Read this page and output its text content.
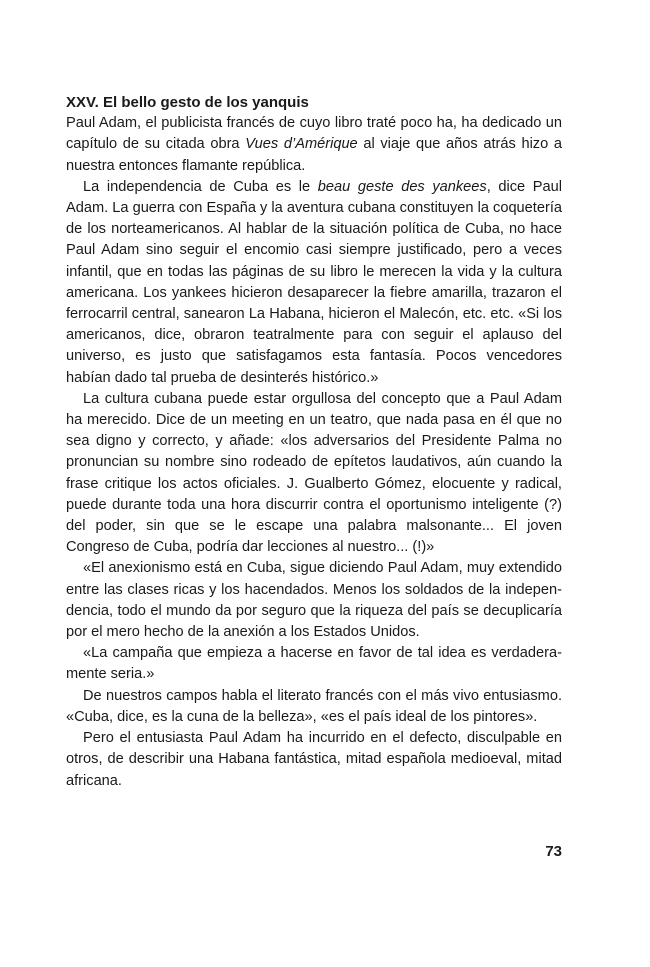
XXV. El bello gesto de los yanquis

Paul Adam, el publicista francés de cuyo libro traté poco ha, ha dedicado un capítulo de su citada obra Vues d’Amérique al viaje que años atrás hizo a nuestra entonces flamante república.

La independencia de Cuba es le beau geste des yankees, dice Paul Adam. La guerra con España y la aventura cubana constituyen la coquetería de los norteamericanos. Al hablar de la situación política de Cuba, no hace Paul Adam sino seguir el encomio casi siempre justificado, pero a veces infantil, que en todas las páginas de su libro le merecen la vida y la cultura americana. Los yankees hicieron desaparecer la fiebre amarilla, trazaron el ferrocarril central, sanearon La Habana, hicieron el Malecón, etc. etc. «Si los americanos, dice, obraron teatralmente para con seguir el aplauso del universo, es justo que satisfagamos esta fantasía. Pocos vencedores habían dado tal prueba de desinterés histórico.»

La cultura cubana puede estar orgullosa del concepto que a Paul Adam ha merecido. Dice de un meeting en un teatro, que nada pasa en él que no sea digno y correcto, y añade: «los adversarios del Presidente Palma no pronuncian su nombre sino rodeado de epítetos laudativos, aún cuando la frase critique los actos oficiales. J. Gualberto Gómez, elocuente y radical, puede durante toda una hora discurrir contra el oportunismo inteligente (?) del poder, sin que se le escape una palabra malsonante... El joven Congreso de Cuba, podría dar lecciones al nuestro... (!)»

«El anexionismo está en Cuba, sigue diciendo Paul Adam, muy extendido entre las clases ricas y los hacendados. Menos los soldados de la independencia, todo el mundo da por seguro que la riqueza del país se decuplicaría por el mero hecho de la anexión a los Estados Unidos.

«La campaña que empieza a hacerse en favor de tal idea es verdaderamente seria.»

De nuestros campos habla el literato francés con el más vivo entusiasmo. «Cuba, dice, es la cuna de la belleza», «es el país ideal de los pintores».

Pero el entusiasta Paul Adam ha incurrido en el defecto, disculpable en otros, de describir una Habana fantástica, mitad española medioeval, mitad africana.

73
